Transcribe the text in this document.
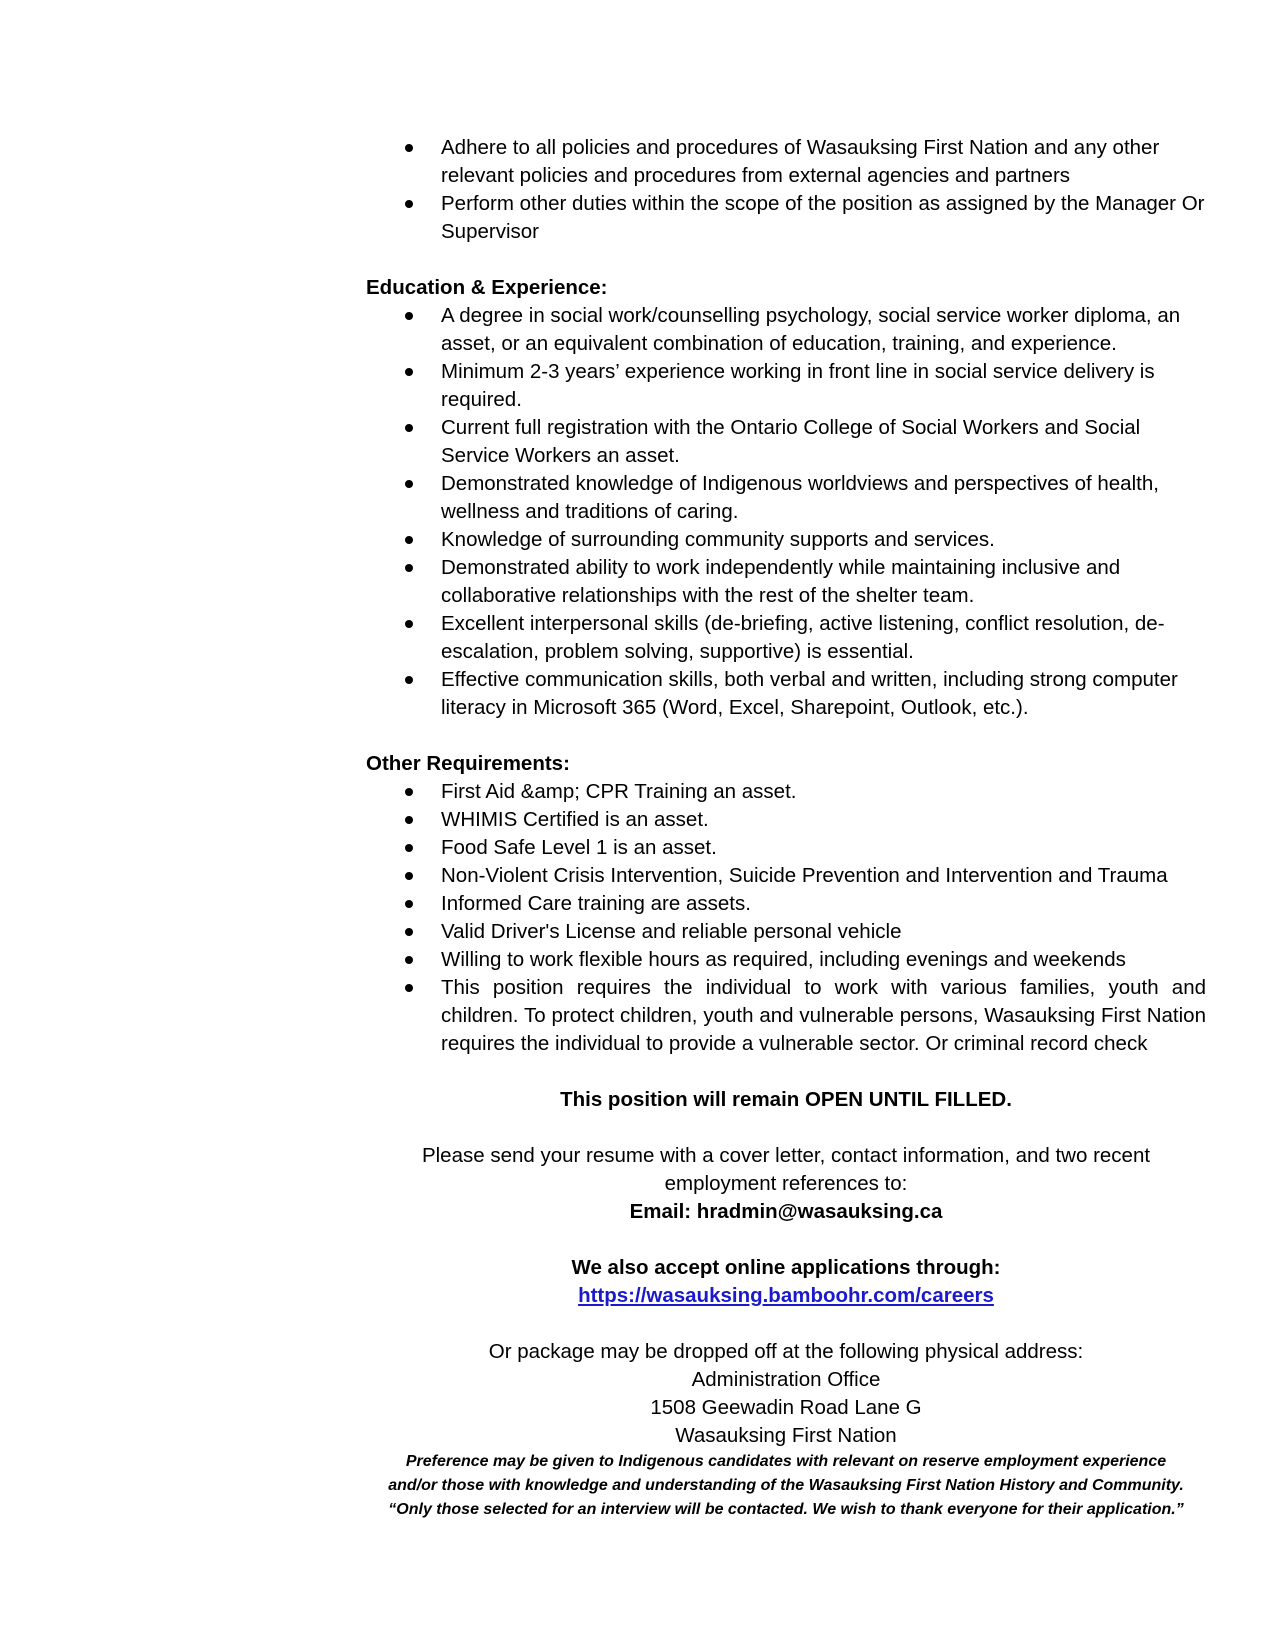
Adhere to all policies and procedures of Wasauksing First Nation and any other relevant policies and procedures from external agencies and partners
Perform other duties within the scope of the position as assigned by the Manager Or Supervisor
Education & Experience:
A degree in social work/counselling psychology, social service worker diploma, an asset, or an equivalent combination of education, training, and experience.
Minimum 2-3 years’ experience working in front line in social service delivery is required.
Current full registration with the Ontario College of Social Workers and Social Service Workers an asset.
Demonstrated knowledge of Indigenous worldviews and perspectives of health, wellness and traditions of caring.
Knowledge of surrounding community supports and services.
Demonstrated ability to work independently while maintaining inclusive and collaborative relationships with the rest of the shelter team.
Excellent interpersonal skills (de-briefing, active listening, conflict resolution, de-escalation, problem solving, supportive) is essential.
Effective communication skills, both verbal and written, including strong computer literacy in Microsoft 365 (Word, Excel, Sharepoint, Outlook, etc.).
Other Requirements:
First Aid &amp; CPR Training an asset.
WHIMIS Certified is an asset.
Food Safe Level 1 is an asset.
Non-Violent Crisis Intervention, Suicide Prevention and Intervention and Trauma
Informed Care training are assets.
Valid Driver's License and reliable personal vehicle
Willing to work flexible hours as required, including evenings and weekends
This position requires the individual to work with various families, youth and children. To protect children, youth and vulnerable persons, Wasauksing First Nation requires the individual to provide a vulnerable sector. Or criminal record check
This position will remain OPEN UNTIL FILLED.
Please send your resume with a cover letter, contact information, and two recent
employment references to:
Email: hradmin@wasauksing.ca
We also accept online applications through:
https://wasauksing.bamboohr.com/careers
Or package may be dropped off at the following physical address:
Administration Office
1508 Geewadin Road Lane G
Wasauksing First Nation
Preference may be given to Indigenous candidates with relevant on reserve employment experience
and/or those with knowledge and understanding of the Wasauksing First Nation History and Community.
“Only those selected for an interview will be contacted. We wish to thank everyone for their application.”
